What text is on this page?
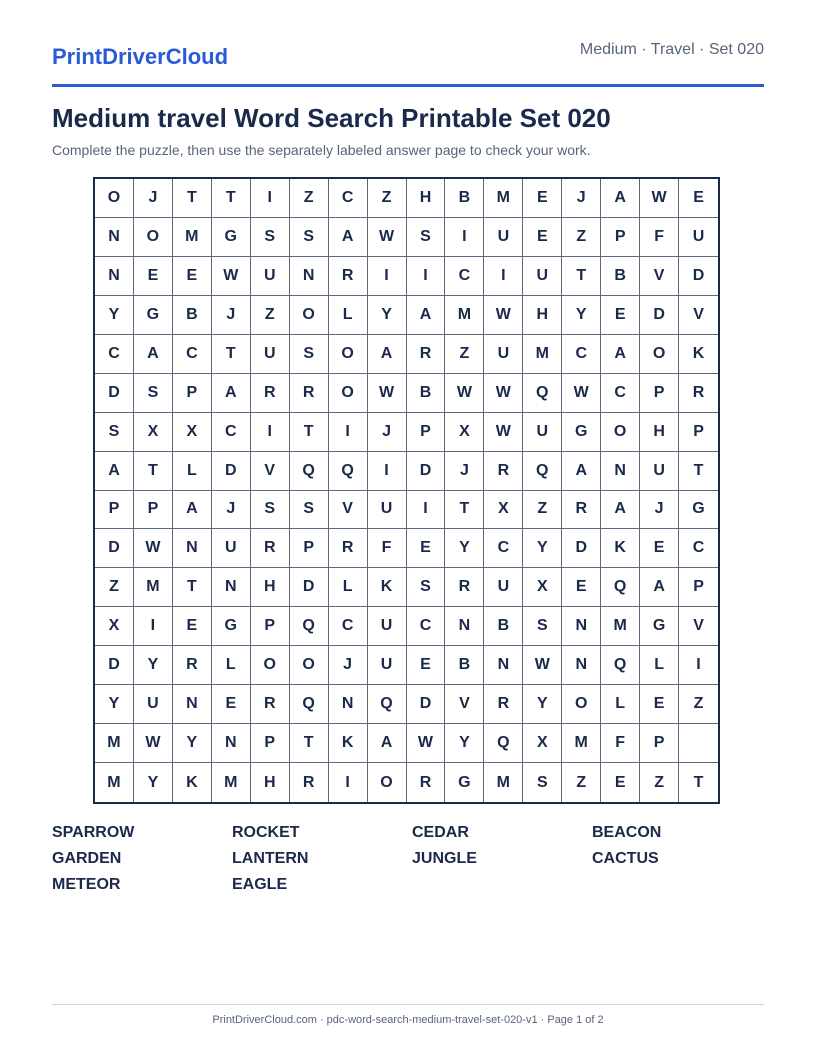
PrintDriverCloud	Medium · Travel · Set 020
Medium travel Word Search Printable Set 020
Complete the puzzle, then use the separately labeled answer page to check your work.
O	J	T	T	I	Z	C	Z	H	B	M	E	J	A	W	E
N	O	M	G	S	S	A	W	S	I	U	E	Z	P	F	U
N	E	E	W	U	N	R	I	I	C	I	U	T	B	V	D
Y	G	B	J	Z	O	L	Y	A	M	W	H	Y	E	D	V
C	A	C	T	U	S	O	A	R	Z	U	M	C	A	O	K
D	S	P	A	R	R	O	W	B	W	W	Q	W	C	P	R
S	X	X	C	I	T	I	J	P	X	W	U	G	O	H	P
A	T	L	D	V	Q	Q	I	D	J	R	Q	A	N	U	T
P	P	A	J	S	S	V	U	I	T	X	Z	R	A	J	G
D	W	N	U	R	P	R	F	E	Y	C	Y	D	K	E	C
Z	M	T	N	H	D	L	K	S	R	U	X	E	Q	A	P
X	I	E	G	P	Q	C	U	C	N	B	S	N	M	G	V
D	Y	R	L	O	O	J	U	E	B	N	W	N	Q	L	I
Y	U	N	E	R	Q	N	Q	D	V	R	Y	O	L	E	Z
M	W	Y	N	P	T	K	A	W	Y	Q	X	M	F	P
M	Y	K	M	H	R	I	O	R	G	M	S	Z	E	Z	T
SPARROW	ROCKET	CEDAR	BEACON
GARDEN	LANTERN	JUNGLE	CACTUS
METEOR	EAGLE
PrintDriverCloud.com · pdc-word-search-medium-travel-set-020-v1 · Page 1 of 2
